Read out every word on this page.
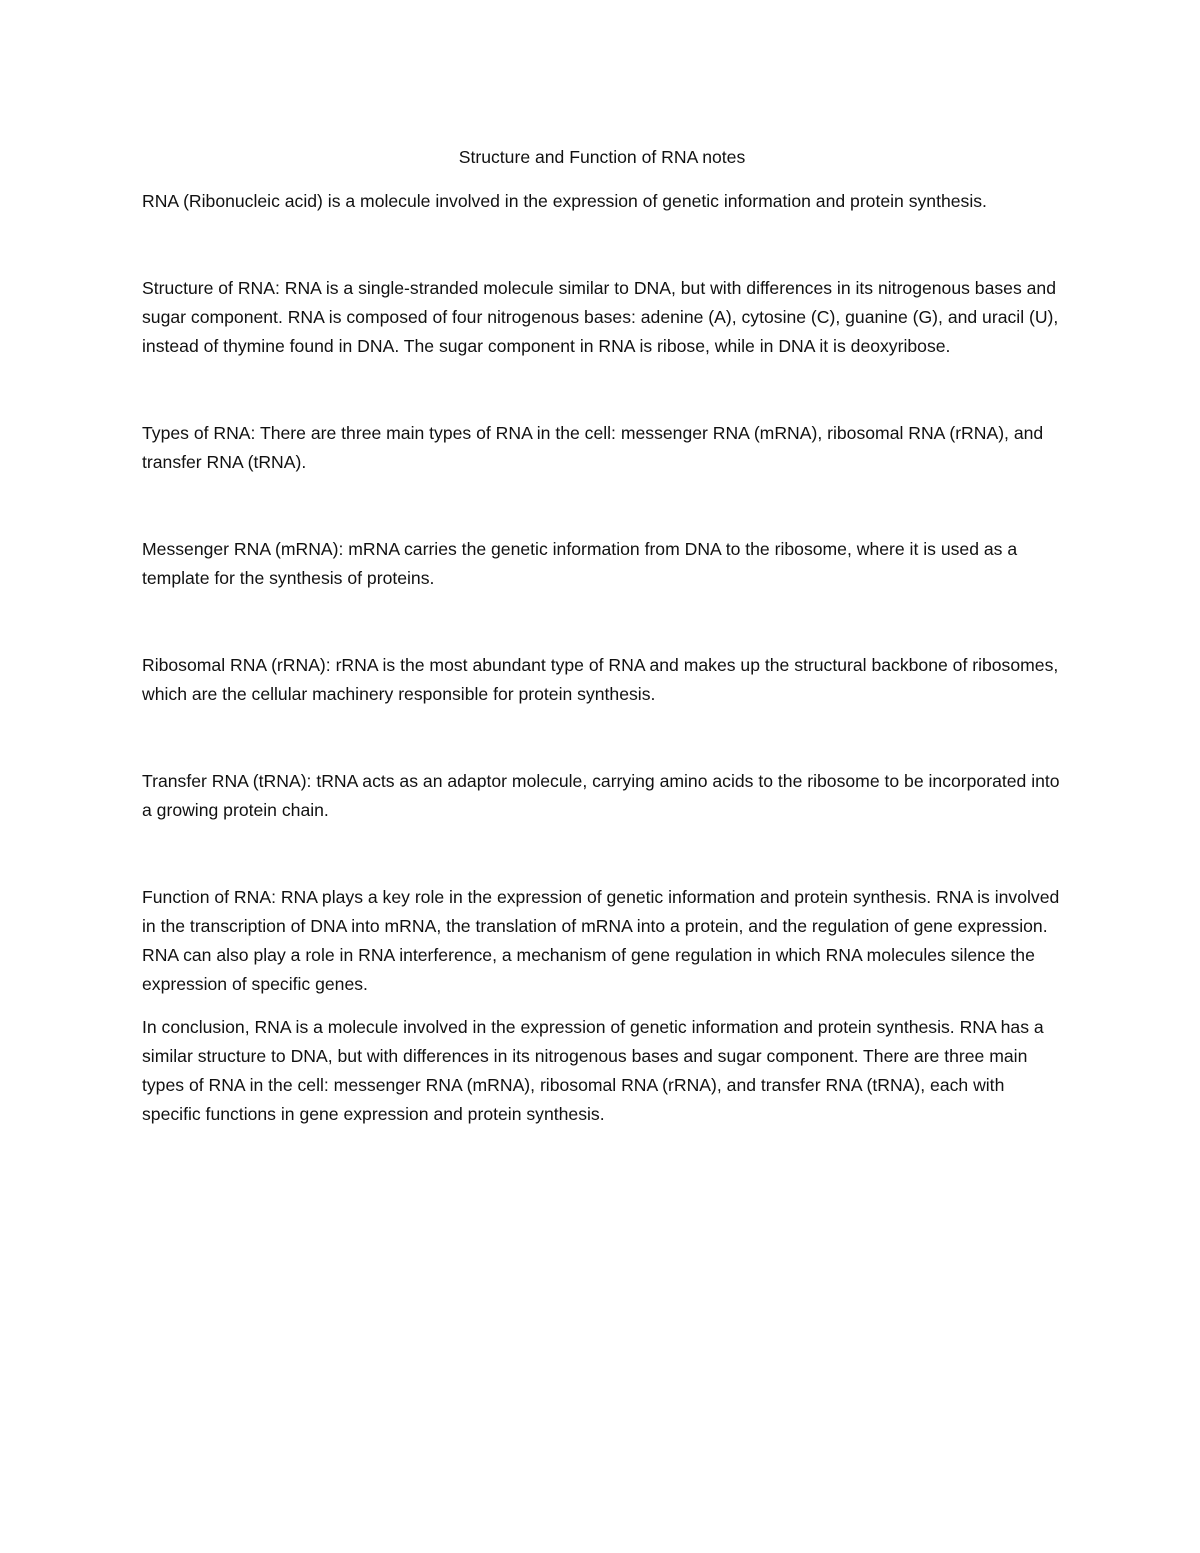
Structure and Function of RNA notes

RNA (Ribonucleic acid) is a molecule involved in the expression of genetic information and protein synthesis.

Structure of RNA: RNA is a single-stranded molecule similar to DNA, but with differences in its nitrogenous bases and sugar component. RNA is composed of four nitrogenous bases: adenine (A), cytosine (C), guanine (G), and uracil (U), instead of thymine found in DNA. The sugar component in RNA is ribose, while in DNA it is deoxyribose.

Types of RNA: There are three main types of RNA in the cell: messenger RNA (mRNA), ribosomal RNA (rRNA), and transfer RNA (tRNA).

Messenger RNA (mRNA): mRNA carries the genetic information from DNA to the ribosome, where it is used as a template for the synthesis of proteins.

Ribosomal RNA (rRNA): rRNA is the most abundant type of RNA and makes up the structural backbone of ribosomes, which are the cellular machinery responsible for protein synthesis.

Transfer RNA (tRNA): tRNA acts as an adaptor molecule, carrying amino acids to the ribosome to be incorporated into a growing protein chain.

Function of RNA: RNA plays a key role in the expression of genetic information and protein synthesis. RNA is involved in the transcription of DNA into mRNA, the translation of mRNA into a protein, and the regulation of gene expression. RNA can also play a role in RNA interference, a mechanism of gene regulation in which RNA molecules silence the expression of specific genes.

In conclusion, RNA is a molecule involved in the expression of genetic information and protein synthesis. RNA has a similar structure to DNA, but with differences in its nitrogenous bases and sugar component. There are three main types of RNA in the cell: messenger RNA (mRNA), ribosomal RNA (rRNA), and transfer RNA (tRNA), each with specific functions in gene expression and protein synthesis.
